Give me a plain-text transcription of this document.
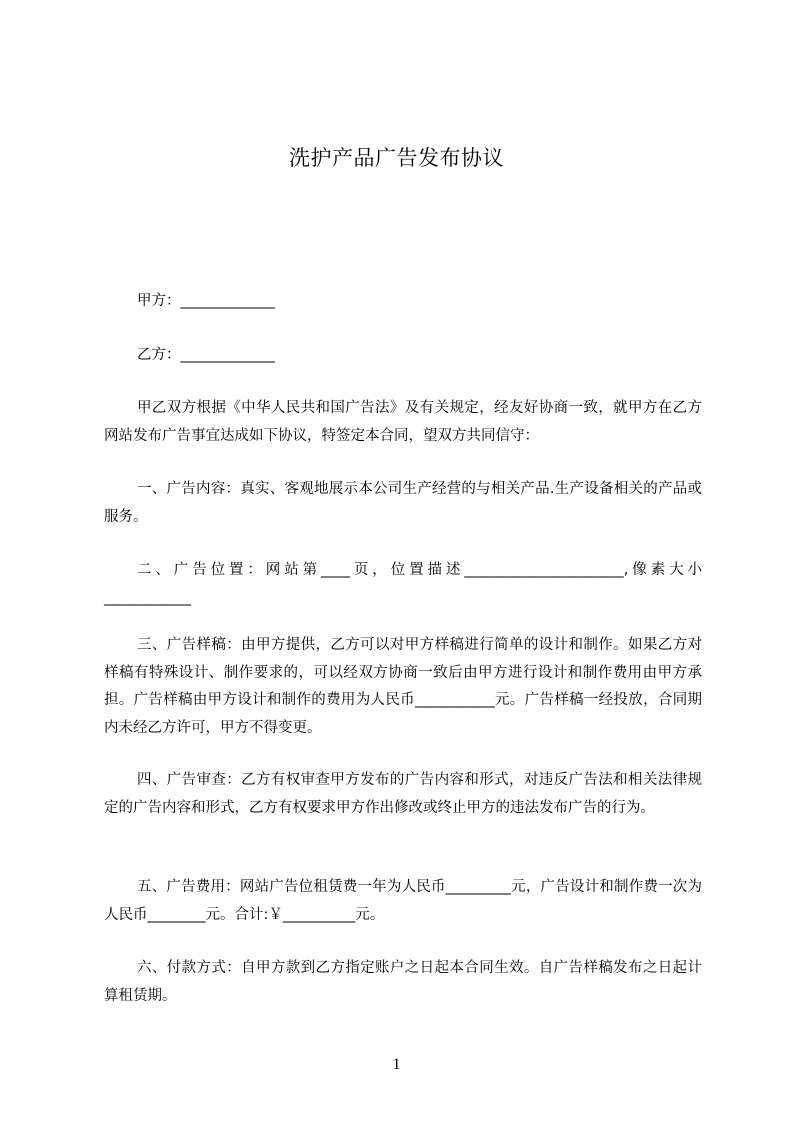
洗护产品广告发布协议
甲方：_____________
乙方：_____________
甲乙双方根据《中华人民共和国广告法》及有关规定，经友好协商一致，就甲方在乙方网站发布广告事宜达成如下协议，特签定本合同，望双方共同信守：
一、广告内容：真实、客观地展示本公司生产经营的与相关产品.生产设备相关的产品或服务。
二、广告位置：网站第____页，位置描述______________________,像素大小____________
三、广告样稿：由甲方提供，乙方可以对甲方样稿进行简单的设计和制作。如果乙方对样稿有特殊设计、制作要求的，可以经双方协商一致后由甲方进行设计和制作费用由甲方承担。广告样稿由甲方设计和制作的费用为人民币___________元。广告样稿一经投放，合同期内未经乙方许可，甲方不得变更。
四、广告审查：乙方有权审查甲方发布的广告内容和形式，对违反广告法和相关法律规定的广告内容和形式，乙方有权要求甲方作出修改或终止甲方的违法发布广告的行为。
五、广告费用：网站广告位租赁费一年为人民币_________元，广告设计和制作费一次为人民币________元。合计:￥__________元。
六、付款方式：自甲方款到乙方指定账户之日起本合同生效。自广告样稿发布之日起计算租赁期。
1
